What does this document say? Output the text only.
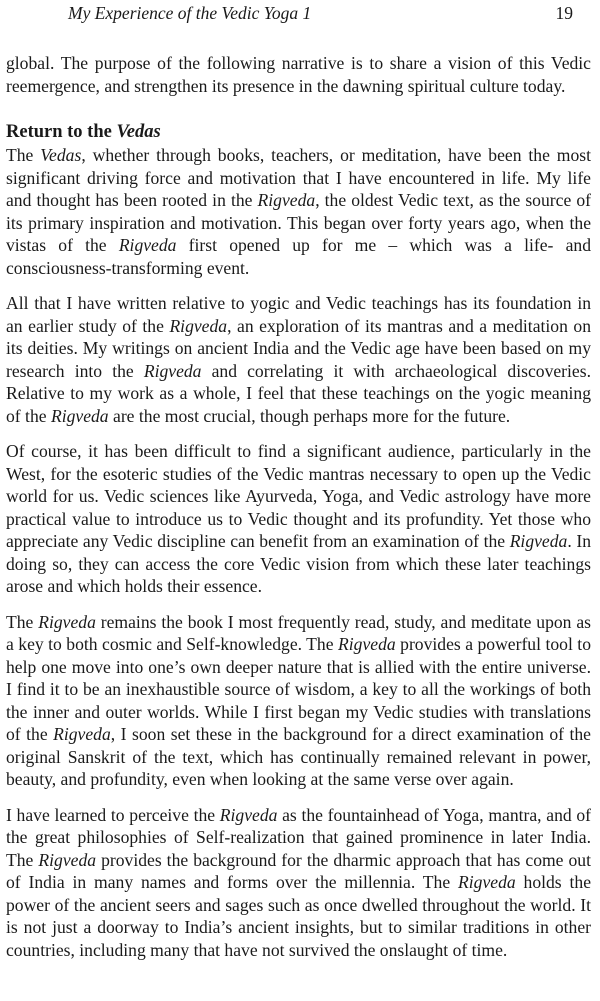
My Experience of the Vedic Yoga 1	19

global. The purpose of the following narrative is to share a vision of this Vedic reemergence, and strengthen its presence in the dawning spiritual culture today.

Return to the Vedas

The Vedas, whether through books, teachers, or meditation, have been the most significant driving force and motivation that I have encountered in life. My life and thought has been rooted in the Rigveda, the oldest Vedic text, as the source of its primary inspiration and motivation. This began over forty years ago, when the vistas of the Rigveda first opened up for me – which was a life- and consciousness-transforming event.

All that I have written relative to yogic and Vedic teachings has its foundation in an earlier study of the Rigveda, an exploration of its mantras and a meditation on its deities. My writings on ancient India and the Vedic age have been based on my research into the Rigveda and correlating it with archaeological discoveries. Relative to my work as a whole, I feel that these teachings on the yogic meaning of the Rigveda are the most crucial, though perhaps more for the future.

Of course, it has been difficult to find a significant audience, particularly in the West, for the esoteric studies of the Vedic mantras necessary to open up the Vedic world for us. Vedic sciences like Ayurveda, Yoga, and Vedic astrology have more practical value to introduce us to Vedic thought and its profundity. Yet those who appreciate any Vedic discipline can benefit from an examination of the Rigveda. In doing so, they can access the core Vedic vision from which these later teachings arose and which holds their essence.

The Rigveda remains the book I most frequently read, study, and meditate upon as a key to both cosmic and Self-knowledge. The Rigveda provides a powerful tool to help one move into one’s own deeper nature that is allied with the entire universe. I find it to be an inexhaustible source of wisdom, a key to all the workings of both the inner and outer worlds. While I first began my Vedic studies with translations of the Rigveda, I soon set these in the background for a direct examination of the original Sanskrit of the text, which has continually remained relevant in power, beauty, and profundity, even when looking at the same verse over again.

I have learned to perceive the Rigveda as the fountainhead of Yoga, mantra, and of the great philosophies of Self-realization that gained prominence in later India. The Rigveda provides the background for the dharmic approach that has come out of India in many names and forms over the millennia. The Rigveda holds the power of the ancient seers and sages such as once dwelled throughout the world. It is not just a doorway to India’s ancient insights, but to similar traditions in other countries, including many that have not survived the onslaught of time.
